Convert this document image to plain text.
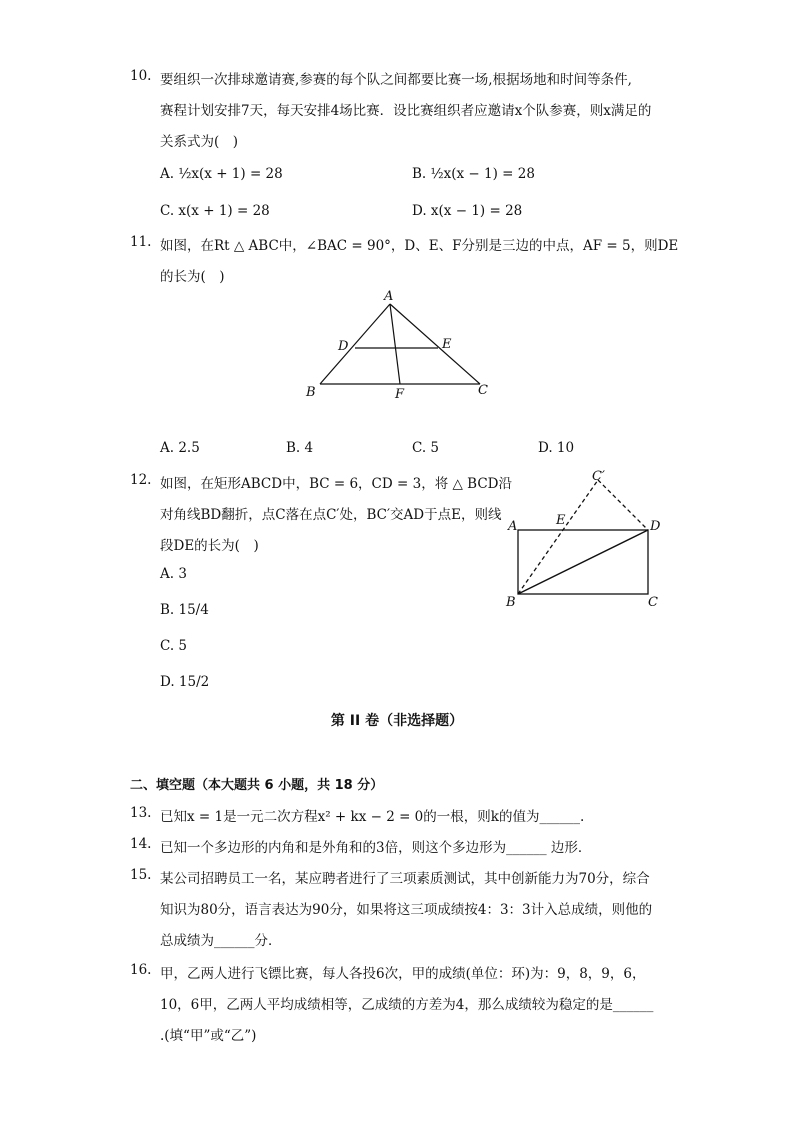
10. 要组织一次排球邀请赛,参赛的每个队之间都要比赛一场,根据场地和时间等条件,
赛程计划安排7天，每天安排4场比赛．设比赛组织者应邀请x个队参赛，则x满足的
关系式为(　)
A. ½x(x + 1) = 28	B. ½x(x − 1) = 28
C. x(x + 1) = 28	D. x(x − 1) = 28
11. 如图，在Rt △ ABC中，∠BAC = 90°，D、E、F分别是三边的中点，AF = 5，则DE
的长为(　)
A
D	E
B	F	C
A. 2.5	B. 4	C. 5	D. 10
12. 如图，在矩形ABCD中，BC = 6，CD = 3，将 △ BCD沿
对角线BD翻折，点C落在点C′处，BC′交AD于点E，则线
段DE的长为(　)
A	E
C′
D
B	C
A. 3
B. 15/4
C. 5
D. 15/2
第 II 卷（非选择题）
二、填空题（本大题共 6 小题，共 18 分）
13. 已知x = 1是一元二次方程x² + kx − 2 = 0的一根，则k的值为______.
14. 已知一个多边形的内角和是外角和的3倍，则这个多边形为______ 边形．
15. 某公司招聘员工一名，某应聘者进行了三项素质测试，其中创新能力为70分，综合
知识为80分，语言表达为90分，如果将这三项成绩按4：3：3计入总成绩，则他的
总成绩为______分．
16. 甲，乙两人进行飞镖比赛，每人各投6次，甲的成绩(单位：环)为：9，8，9，6，
10，6甲，乙两人平均成绩相等，乙成绩的方差为4，那么成绩较为稳定的是______
.(填“甲”或“乙”)
